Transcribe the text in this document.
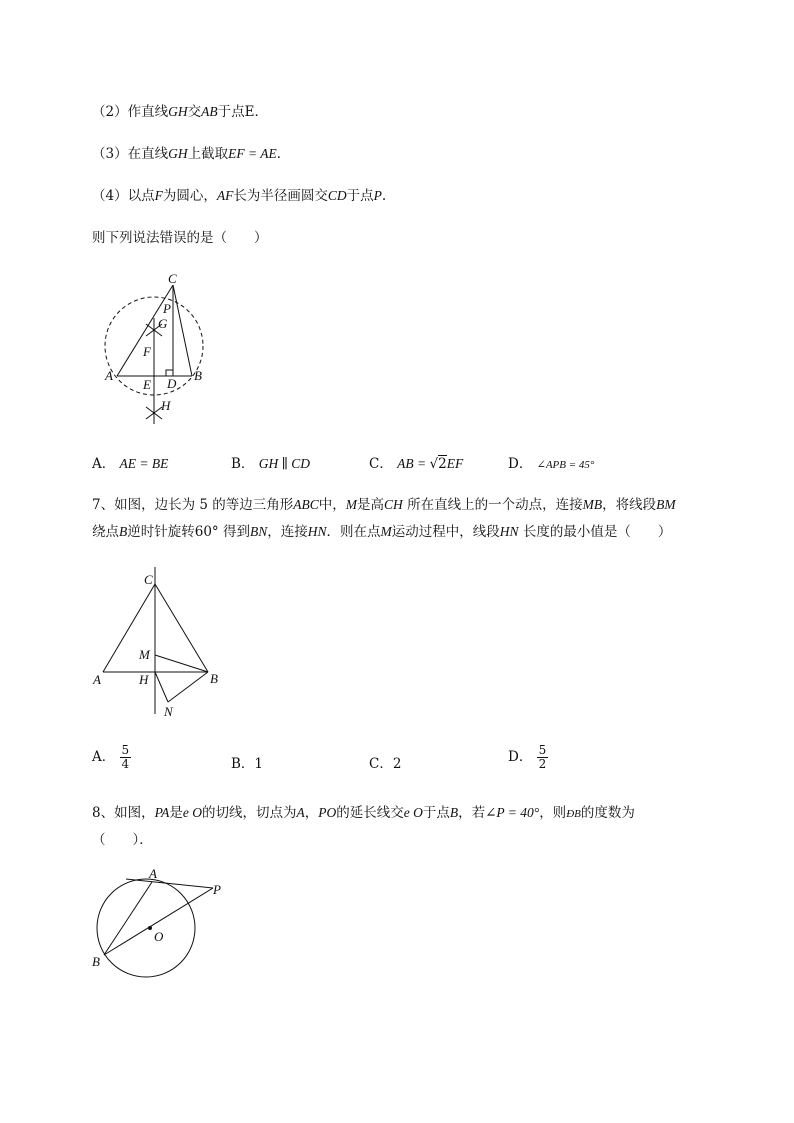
（2）作直线GH交AB于点E．
（3）在直线GH上截取EF = AE．
（4）以点F为圆心，AF长为半径画圆交CD于点P.
则下列说法错误的是（　　）
C
P
G
F
A
E D
B
H
C
M
A	H	B
N
A
P
O
B
A． AE = BE	B． GH ∥ CD	C． AB = √2EF	D． ∠APB = 45°
7、如图，边长为 5 的等边三角形ABC中，M是高CH 所在直线上的一个动点，连接MB，将线段BM
绕点B逆时针旋转60° 得到BN，连接HN．则在点M运动过程中，线段HN 长度的最小值是（　　）
A． $\frac{5}{4}$	B．1	C．2	D． $\frac{5}{2}$
8、如图，PA是e O的切线，切点为A，PO的延长线交e O于点B，若∠P = 40°，则ÐB的度数为
（　　）．
